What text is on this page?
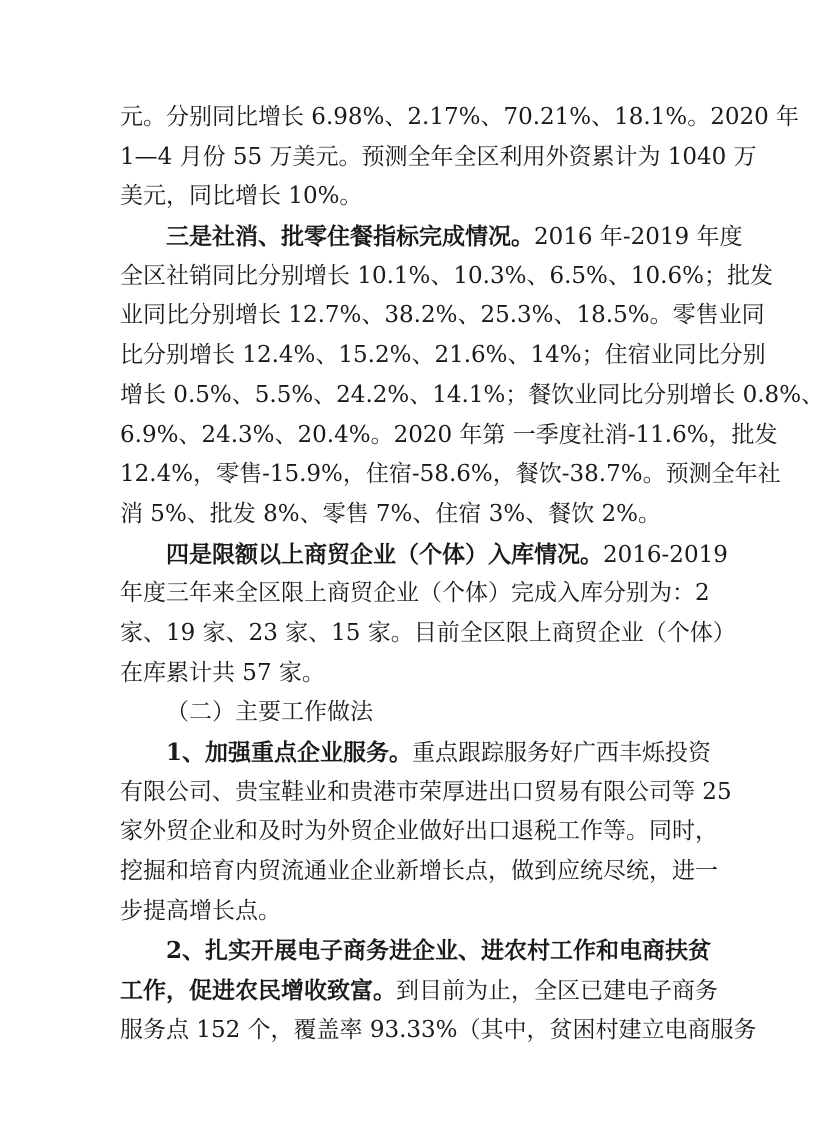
元。分别同比增长 6.98%、2.17%、70.21%、18.1%。2020 年
1—4 月份 55 万美元。预测全年全区利用外资累计为 1040 万
美元，同比增长 10%。
三是社消、批零住餐指标完成情况。2016 年-2019 年度
全区社销同比分别增长 10.1%、10.3%、6.5%、10.6%；批发
业同比分别增长 12.7%、38.2%、25.3%、18.5%。零售业同
比分别增长 12.4%、15.2%、21.6%、14%；住宿业同比分别
增长 0.5%、5.5%、24.2%、14.1%；餐饮业同比分别增长 0.8%、
6.9%、24.3%、20.4%。2020 年第 一季度社消-11.6%，批发
12.4%，零售-15.9%，住宿-58.6%，餐饮-38.7%。预测全年社
消 5%、批发 8%、零售 7%、住宿 3%、餐饮 2%。
四是限额以上商贸企业（个体）入库情况。2016-2019
年度三年来全区限上商贸企业（个体）完成入库分别为：2
家、19 家、23 家、15 家。目前全区限上商贸企业（个体）
在库累计共 57 家。
（二）主要工作做法
1、加强重点企业服务。重点跟踪服务好广西丰烁投资
有限公司、贵宝鞋业和贵港市荣厚进出口贸易有限公司等 25
家外贸企业和及时为外贸企业做好出口退税工作等。同时，
挖掘和培育内贸流通业企业新增长点，做到应统尽统，进一
步提高增长点。
2、扎实开展电子商务进企业、进农村工作和电商扶贫
工作，促进农民增收致富。到目前为止，全区已建电子商务
服务点 152 个，覆盖率 93.33%（其中，贫困村建立电商服务
